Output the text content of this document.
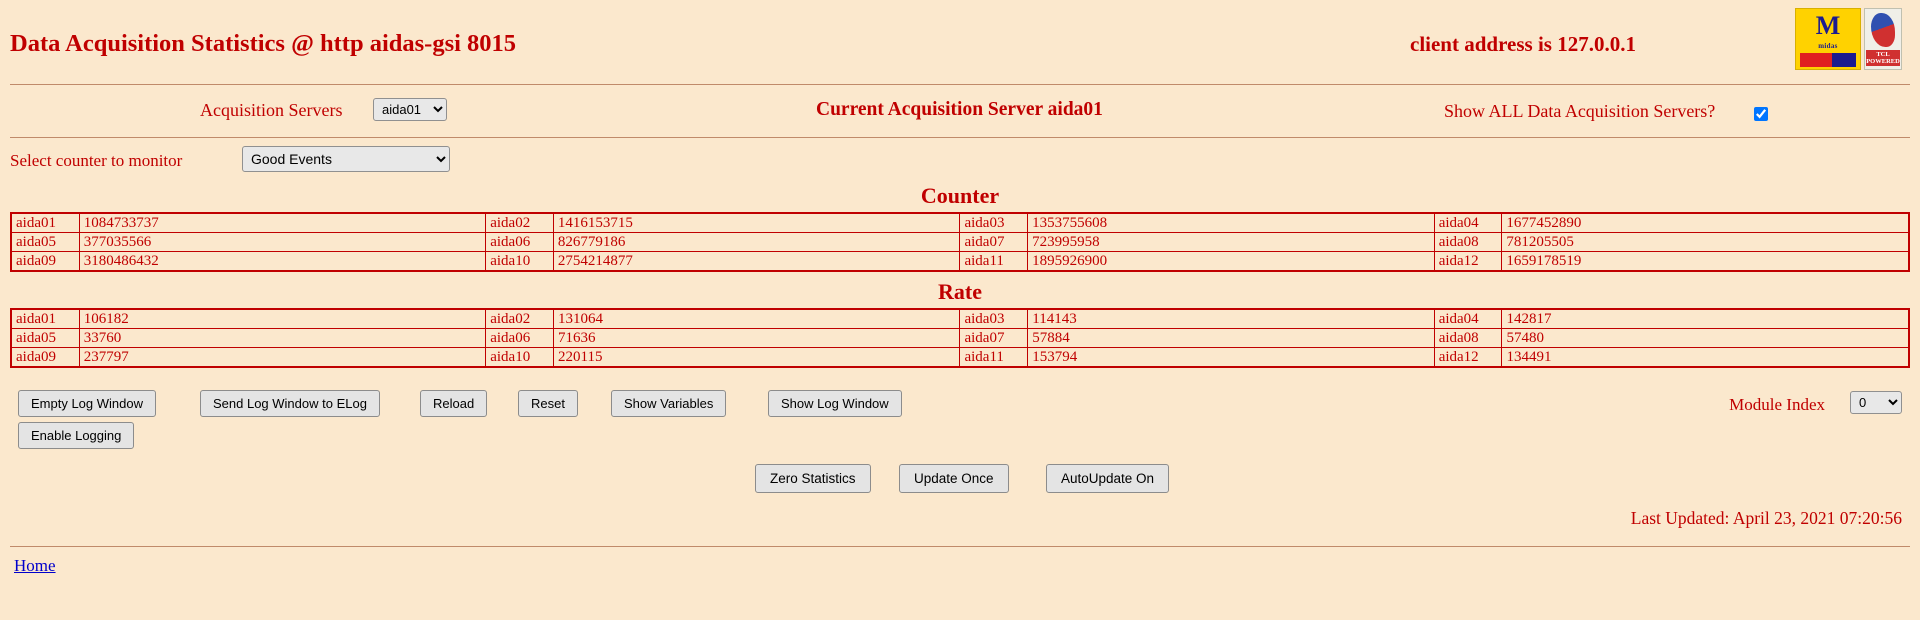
Data Acquisition Statistics @ http aidas-gsi 8015	client address is 127.0.0.1
M
midas
TCL POWERED
Acquisition Servers
aida01	Current Acquisition Server aida01	Show ALL Data Acquisition Servers?
Select counter to monitor
Good Events
Counter
aida01	1084733737	aida02	1416153715	aida03	1353755608	aida04	1677452890
aida05	377035566	aida06	826779186	aida07	723995958	aida08	781205505
aida09	3180486432	aida10	2754214877	aida11	1895926900	aida12	1659178519
Rate
aida01	106182	aida02	131064	aida03	114143	aida04	142817
aida05	33760	aida06	71636	aida07	57884	aida08	57480
aida09	237797	aida10	220115	aida11	153794	aida12	134491
Empty Log Window	Send Log Window to ELog	Reload	Reset	Show Variables	Show Log Window	Module Index
0
Enable Logging
Zero Statistics	Update Once	AutoUpdate On
Last Updated: April 23, 2021 07:20:56
Home
